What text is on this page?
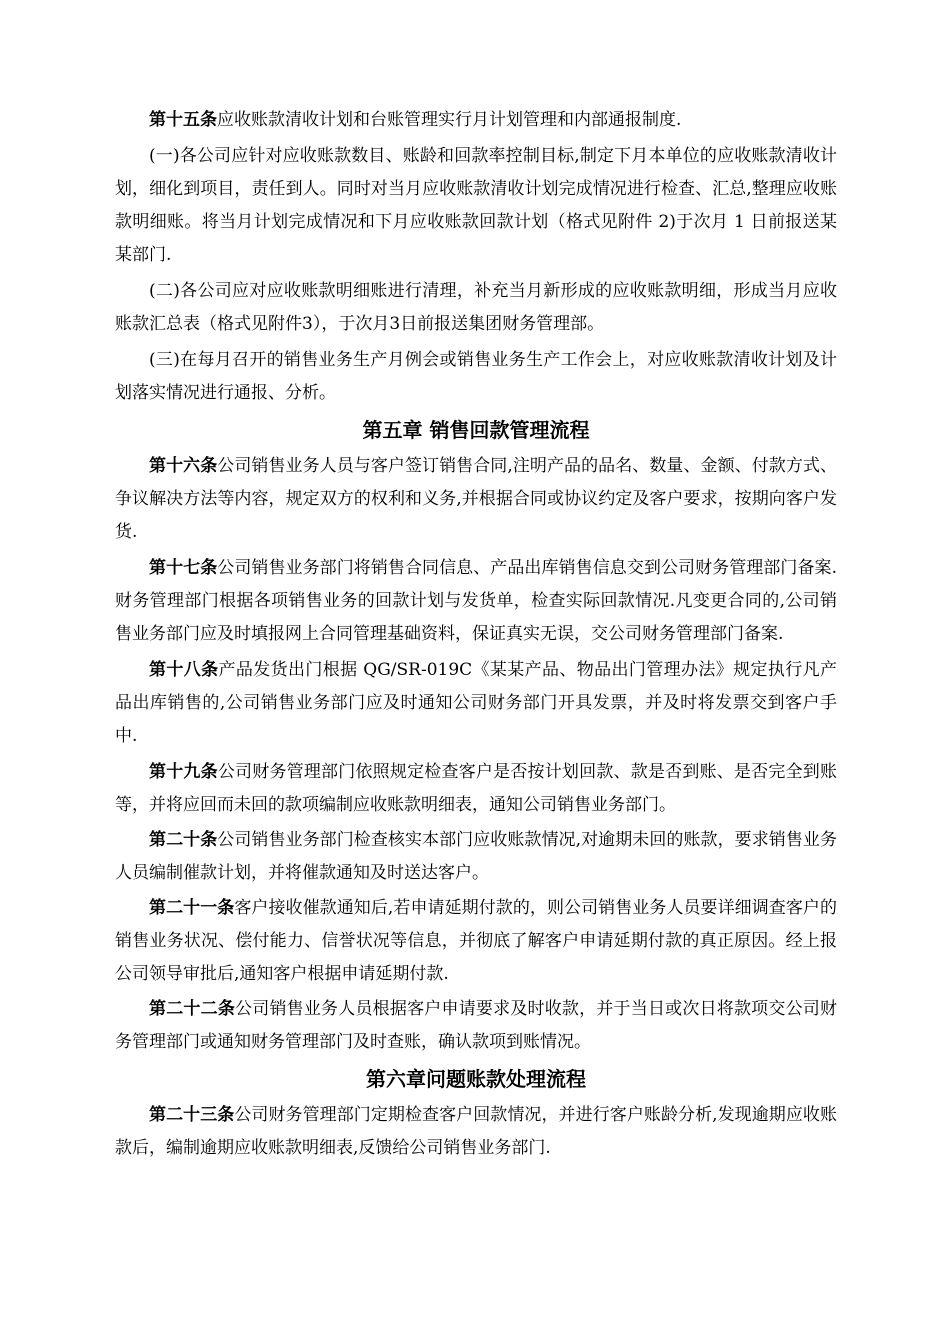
第十五条应收账款清收计划和台账管理实行月计划管理和内部通报制度.

(一)各公司应针对应收账款数目、账龄和回款率控制目标,制定下月本单位的应收账款清收计划，细化到项目，责任到人。同时对当月应收账款清收计划完成情况进行检查、汇总,整理应收账款明细账。将当月计划完成情况和下月应收账款回款计划（格式见附件 2)于次月 1 日前报送某某部门.

(二)各公司应对应收账款明细账进行清理，补充当月新形成的应收账款明细，形成当月应收账款汇总表（格式见附件3），于次月3日前报送集团财务管理部。

(三)在每月召开的销售业务生产月例会或销售业务生产工作会上，对应收账款清收计划及计划落实情况进行通报、分析。

第五章 销售回款管理流程

第十六条公司销售业务人员与客户签订销售合同,注明产品的品名、数量、金额、付款方式、争议解决方法等内容，规定双方的权利和义务,并根据合同或协议约定及客户要求，按期向客户发货.

第十七条公司销售业务部门将销售合同信息、产品出库销售信息交到公司财务管理部门备案.财务管理部门根据各项销售业务的回款计划与发货单，检查实际回款情况.凡变更合同的,公司销售业务部门应及时填报网上合同管理基础资料，保证真实无误，交公司财务管理部门备案.

第十八条产品发货出门根据 QG/SR-019C《某某产品、物品出门管理办法》规定执行凡产品出库销售的,公司销售业务部门应及时通知公司财务部门开具发票，并及时将发票交到客户手中.

第十九条公司财务管理部门依照规定检查客户是否按计划回款、款是否到账、是否完全到账等，并将应回而未回的款项编制应收账款明细表，通知公司销售业务部门。

第二十条公司销售业务部门检查核实本部门应收账款情况,对逾期未回的账款，要求销售业务人员编制催款计划，并将催款通知及时送达客户。

第二十一条客户接收催款通知后,若申请延期付款的，则公司销售业务人员要详细调查客户的销售业务状况、偿付能力、信誉状况等信息，并彻底了解客户申请延期付款的真正原因。经上报公司领导审批后,通知客户根据申请延期付款.

第二十二条公司销售业务人员根据客户申请要求及时收款，并于当日或次日将款项交公司财务管理部门或通知财务管理部门及时查账，确认款项到账情况。

第六章问题账款处理流程

第二十三条公司财务管理部门定期检查客户回款情况，并进行客户账龄分析,发现逾期应收账款后，编制逾期应收账款明细表,反馈给公司销售业务部门.
